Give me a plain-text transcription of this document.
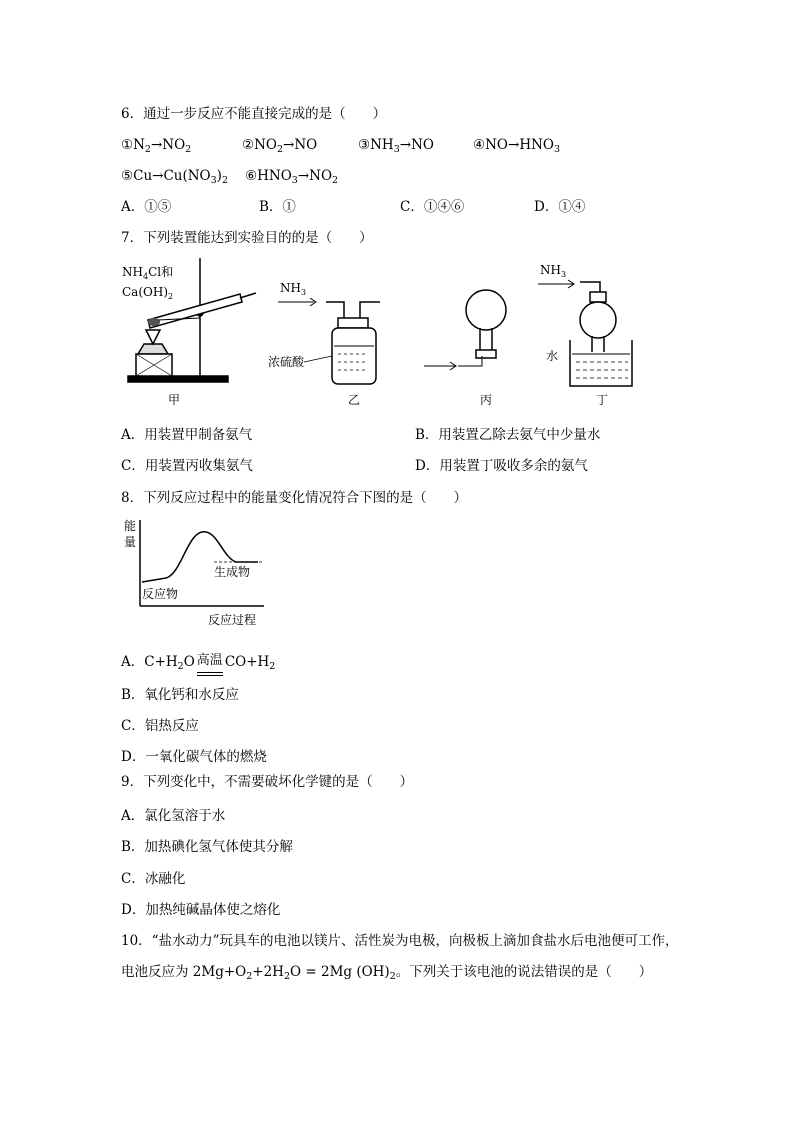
6．通过一步反应不能直接完成的是（　　）
$①N_2\to NO_2$	$②NO_2\to NO$	$③NH_3\to NO$	$④NO\to HNO_3$
$⑤Cu\to Cu(NO_3)_2$ $⑥HNO_3\to NO_2$
A．①⑤	B．①	C．①④⑥	D．①④
7．下列装置能达到实验目的的是（　　）
$NH_4Cl$和
$Ca(OH)_2$
甲
$NH_3$
浓硫酸
乙	丙
$NH_3$
水
丁
A．用装置甲制备氨气	B．用装置乙除去氨气中少量水
C．用装置丙收集氨气	D．用装置丁吸收多余的氨气
8．下列反应过程中的能量变化情况符合下图的是（　　）
能
量
生成物
反应物
反应过程
A．$C+H_2O$ 高温 $CO+H_2$
B．氧化钙和水反应
C．铝热反应
D．一氧化碳气体的燃烧
9．下列变化中，不需要破坏化学键的是（　　）
A．氯化氢溶于水
B．加热碘化氢气体使其分解
C．冰融化
D．加热纯碱晶体使之熔化
10．“盐水动力”玩具车的电池以镁片、活性炭为电极，向极板上滴加食盐水后电池便可工作，
电池反应为 $2Mg+O_2+2H_2O = 2Mg$ $(OH)_2$。下列关于该电池的说法错误的是（　　）
